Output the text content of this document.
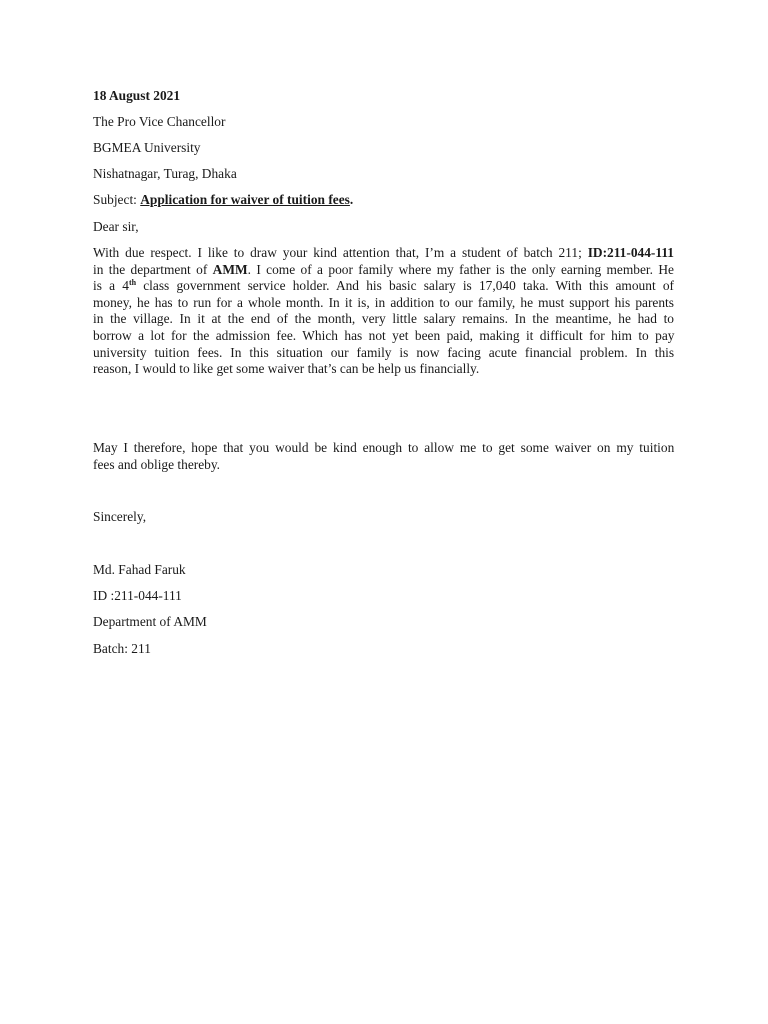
18 August 2021
The Pro Vice Chancellor
BGMEA University
Nishatnagar, Turag, Dhaka
Subject: Application for waiver of tuition fees.
Dear sir,
With due respect. I like to draw your kind attention that, I’m a student of batch 211; ID:211-044-111
in the department of AMM. I come of a poor family where my father is the only earning member. He
is a 4th class government service holder. And his basic salary is 17,040 taka. With this amount of
money, he has to run for a whole month. In it is, in addition to our family, he must support his parents
in the village. In it at the end of the month, very little salary remains. In the meantime, he had to
borrow a lot for the admission fee. Which has not yet been paid, making it difficult for him to pay
university tuition fees. In this situation our family is now facing acute financial problem. In this
reason, I would to like get some waiver that’s can be help us financially.
May I therefore, hope that you would be kind enough to allow me to get some waiver on my tuition
fees and oblige thereby.
Sincerely,
Md. Fahad Faruk
ID :211-044-111
Department of AMM
Batch: 211
